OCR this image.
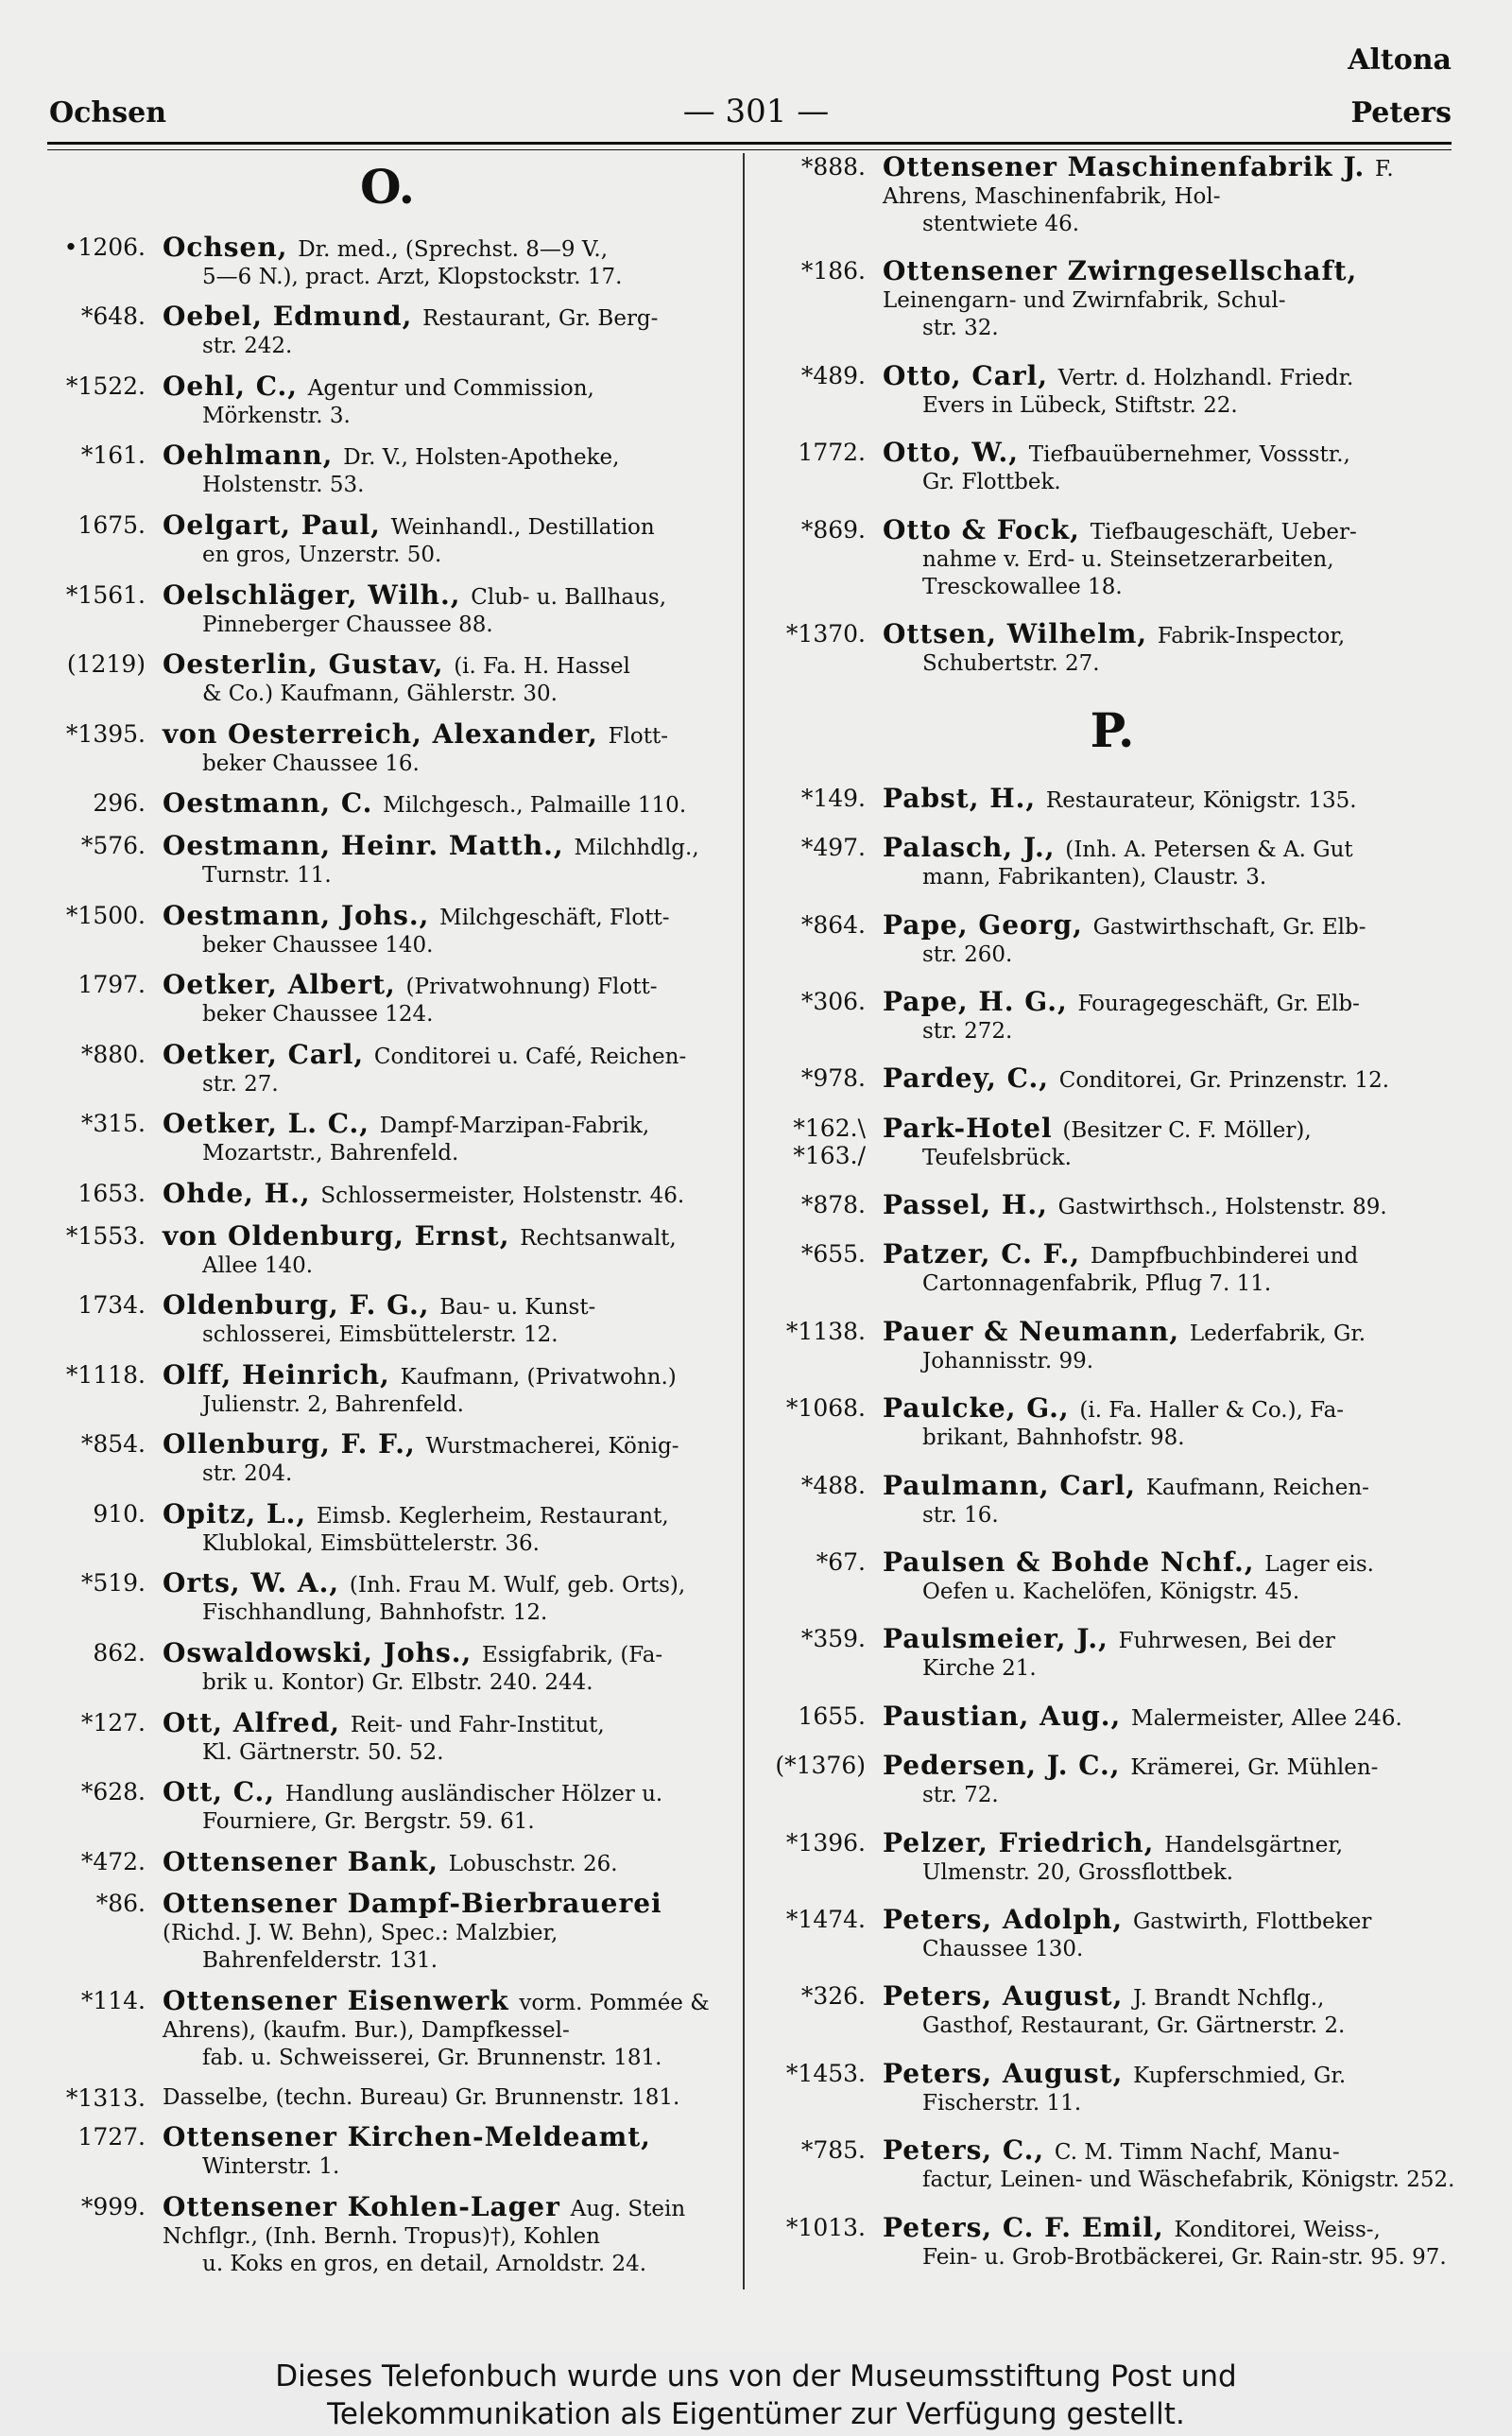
Altona
Ochsen	— 301 —	Peters
O.
•1206. Ochsen, Dr. med., (Sprechst. 8—9 V.,
5—6 N.), pract. Arzt, Klopstockstr. 17.
*648. Oebel, Edmund, Restaurant, Gr. Berg-
str. 242.
*1522. Oehl, C., Agentur und Commission,
Mörkenstr. 3.
*161. Oehlmann, Dr. V., Holsten-Apotheke,
Holstenstr. 53.
1675. Oelgart, Paul, Weinhandl., Destillation
en gros, Unzerstr. 50.
*1561. Oelschläger, Wilh., Club- u. Ballhaus,
Pinneberger Chaussee 88.
(1219) Oesterlin, Gustav, (i. Fa. H. Hassel
& Co.) Kaufmann, Gählerstr. 30.
*1395. von Oesterreich, Alexander, Flott-
beker Chaussee 16.
296. Oestmann, C. Milchgesch., Palmaille 110.
*576. Oestmann, Heinr. Matth., Milchhdlg.,
Turnstr. 11.
*1500. Oestmann, Johs., Milchgeschäft, Flott-
beker Chaussee 140.
1797. Oetker, Albert, (Privatwohnung) Flott-
beker Chaussee 124.
*880. Oetker, Carl, Conditorei u. Café, Reichen-
str. 27.
*315. Oetker, L. C., Dampf-Marzipan-Fabrik,
Mozartstr., Bahrenfeld.
1653. Ohde, H., Schlossermeister, Holstenstr. 46.
*1553. von Oldenburg, Ernst, Rechtsanwalt,
Allee 140.
1734. Oldenburg, F. G., Bau- u. Kunst-
schlosserei, Eimsbüttelerstr. 12.
*1118. Olff, Heinrich, Kaufmann, (Privatwohn.)
Julienstr. 2, Bahrenfeld.
*854. Ollenburg, F. F., Wurstmacherei, König-
str. 204.
910. Opitz, L., Eimsb. Keglerheim, Restaurant,
Klublokal, Eimsbüttelerstr. 36.
*519. Orts, W. A., (Inh. Frau M. Wulf, geb. Orts),
Fischhandlung, Bahnhofstr. 12.
862. Oswaldowski, Johs., Essigfabrik, (Fa-
brik u. Kontor) Gr. Elbstr. 240. 244.
*127. Ott, Alfred, Reit- und Fahr-Institut,
Kl. Gärtnerstr. 50. 52.
*628. Ott, C., Handlung ausländischer Hölzer u.
Fourniere, Gr. Bergstr. 59. 61.
*472. Ottensener Bank, Lobuschstr. 26.
*86. Ottensener Dampf-Bierbrauerei (Richd. J. W. Behn), Spec.: Malzbier,
Bahrenfelderstr. 131.
*114. Ottensener Eisenwerk vorm. Pommée & Ahrens), (kaufm. Bur.), Dampfkessel-
fab. u. Schweisserei, Gr. Brunnenstr. 181.
*1313. Dasselbe, (techn. Bureau) Gr. Brunnenstr. 181.
1727. Ottensener Kirchen-Meldeamt,
Winterstr. 1.
*999. Ottensener Kohlen-Lager Aug. Stein Nchflgr., (Inh. Bernh. Tropus)†), Kohlen
u. Koks en gros, en detail, Arnoldstr. 24.
*888. Ottensener Maschinenfabrik J. F. Ahrens, Maschinenfabrik, Hol-
stentwiete 46.
*186. Ottensener Zwirngesellschaft, Leinengarn- und Zwirnfabrik, Schul-
str. 32.
*489. Otto, Carl, Vertr. d. Holzhandl. Friedr.
Evers in Lübeck, Stiftstr. 22.
1772. Otto, W., Tiefbauübernehmer, Vossstr.,
Gr. Flottbek.
*869. Otto & Fock, Tiefbaugeschäft, Ueber-
nahme v. Erd- u. Steinsetzerarbeiten, Tresckowallee 18.
*1370. Ottsen, Wilhelm, Fabrik-Inspector,
Schubertstr. 27.
P.
*149. Pabst, H., Restaurateur, Königstr. 135.
*497. Palasch, J., (Inh. A. Petersen & A. Gut
mann, Fabrikanten), Claustr. 3.
*864. Pape, Georg, Gastwirthschaft, Gr. Elb-
str. 260.
*306. Pape, H. G., Fouragegeschäft, Gr. Elb-
str. 272.
*978. Pardey, C., Conditorei, Gr. Prinzenstr. 12.
*162.\ *163./
Park-Hotel (Besitzer C. F. Möller),
Teufelsbrück.
*878. Passel, H., Gastwirthsch., Holstenstr. 89.
*655. Patzer, C. F., Dampfbuchbinderei und
Cartonnagenfabrik, Pflug 7. 11.
*1138. Pauer & Neumann, Lederfabrik, Gr.
Johannisstr. 99.
*1068. Paulcke, G., (i. Fa. Haller & Co.), Fa-
brikant, Bahnhofstr. 98.
*488. Paulmann, Carl, Kaufmann, Reichen-
str. 16.
*67. Paulsen & Bohde Nchf., Lager eis.
Oefen u. Kachelöfen, Königstr. 45.
*359. Paulsmeier, J., Fuhrwesen, Bei der
Kirche 21.
1655. Paustian, Aug., Malermeister, Allee 246.
(*1376) Pedersen, J. C., Krämerei, Gr. Mühlen-
str. 72.
*1396. Pelzer, Friedrich, Handelsgärtner,
Ulmenstr. 20, Grossflottbek.
*1474. Peters, Adolph, Gastwirth, Flottbeker
Chaussee 130.
*326. Peters, August, J. Brandt Nchflg.,
Gasthof, Restaurant, Gr. Gärtnerstr. 2.
*1453. Peters, August, Kupferschmied, Gr.
Fischerstr. 11.
*785. Peters, C., C. M. Timm Nachf, Manu-
factur, Leinen- und Wäschefabrik, Königstr. 252.
*1013. Peters, C. F. Emil, Konditorei, Weiss-,
Fein- u. Grob-Brotbäckerei, Gr. Rain-str. 95. 97.
Dieses Telefonbuch wurde uns von der Museumsstiftung Post und
Telekommunikation als Eigentümer zur Verfügung gestellt.
